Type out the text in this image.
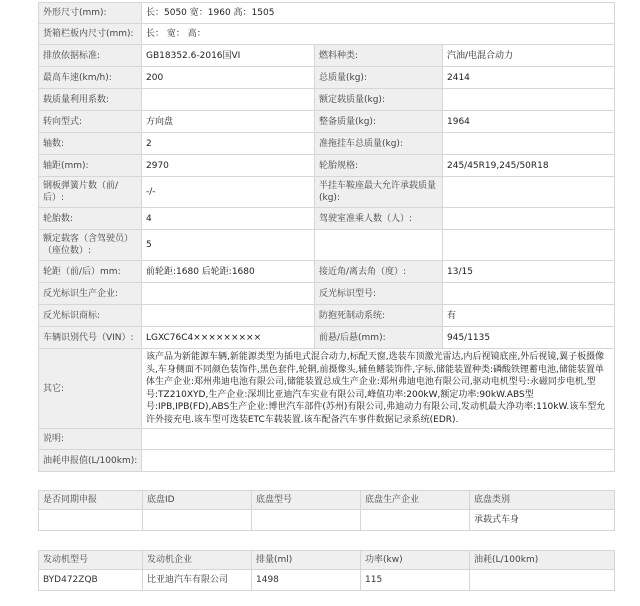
外形尺寸(mm):	长：5050 宽：1960 高：1505		
货箱栏板内尺寸(mm):	长： 宽： 高：		
排放依据标准:	GB18352.6-2016国VI	燃料种类:	汽油/电混合动力
最高车速(km/h):	200	总质量(kg):	2414
载质量利用系数:		额定载质量(kg):	
转向型式:	方向盘	整备质量(kg):	1964
轴数:	2	准拖挂车总质量(kg):	
轴距(mm):	2970	轮胎规格:	245/45R19,245/50R18
钢板弹簧片数（前/后）:	-/-	半挂车鞍座最大允许承载质量(kg):	
轮胎数:	4	驾驶室准乘人数（人）:	
额定载客（含驾驶员）（座位数）:	5		
轮距（前/后）mm:	前轮距:1680 后轮距:1680	接近角/离去角（度）:	13/15
反光标识生产企业:		反光标识型号:	
反光标识商标:		防抱死制动系统:	有
车辆识别代号（VIN）:	LGXC76C4×××××××××	前悬/后悬(mm):	945/1135
其它:	该产品为新能源车辆,新能源类型为插电式混合动力,标配天窗,选装车顶激光雷达,内后视镜底座,外后视镜,翼子板摄像头,车身侧面不同颜色装饰件,黑色套件,轮辋,前摄像头,辅鱼鳍装饰件,字标,储能装置种类:磷酸铁锂蓄电池,储能装置单体生产企业:郑州弗迪电池有限公司,储能装置总成生产企业:郑州弗迪电池有限公司,驱动电机型号:永磁同步电机,型号:TZ210XYD,生产企业:深圳比亚迪汽车实业有限公司,峰值功率:200kW,额定功率:90kW.ABS型号:IPB,IPB(FD),ABS生产企业:博世汽车部件(苏州)有限公司,弗迪动力有限公司,发动机最大净功率:110kW.该车型允许外接充电.该车型可选装ETC车载装置.该车配备汽车事件数据记录系统(EDR).		
说明:			
油耗申报值(L/100km):			
是否同期申报	底盘ID	底盘型号	底盘生产企业	底盘类别
				承载式车身
发动机型号	发动机企业	排量(ml)	功率(kw)	油耗(L/100km)
BYD472ZQB	比亚迪汽车有限公司	1498	115	
